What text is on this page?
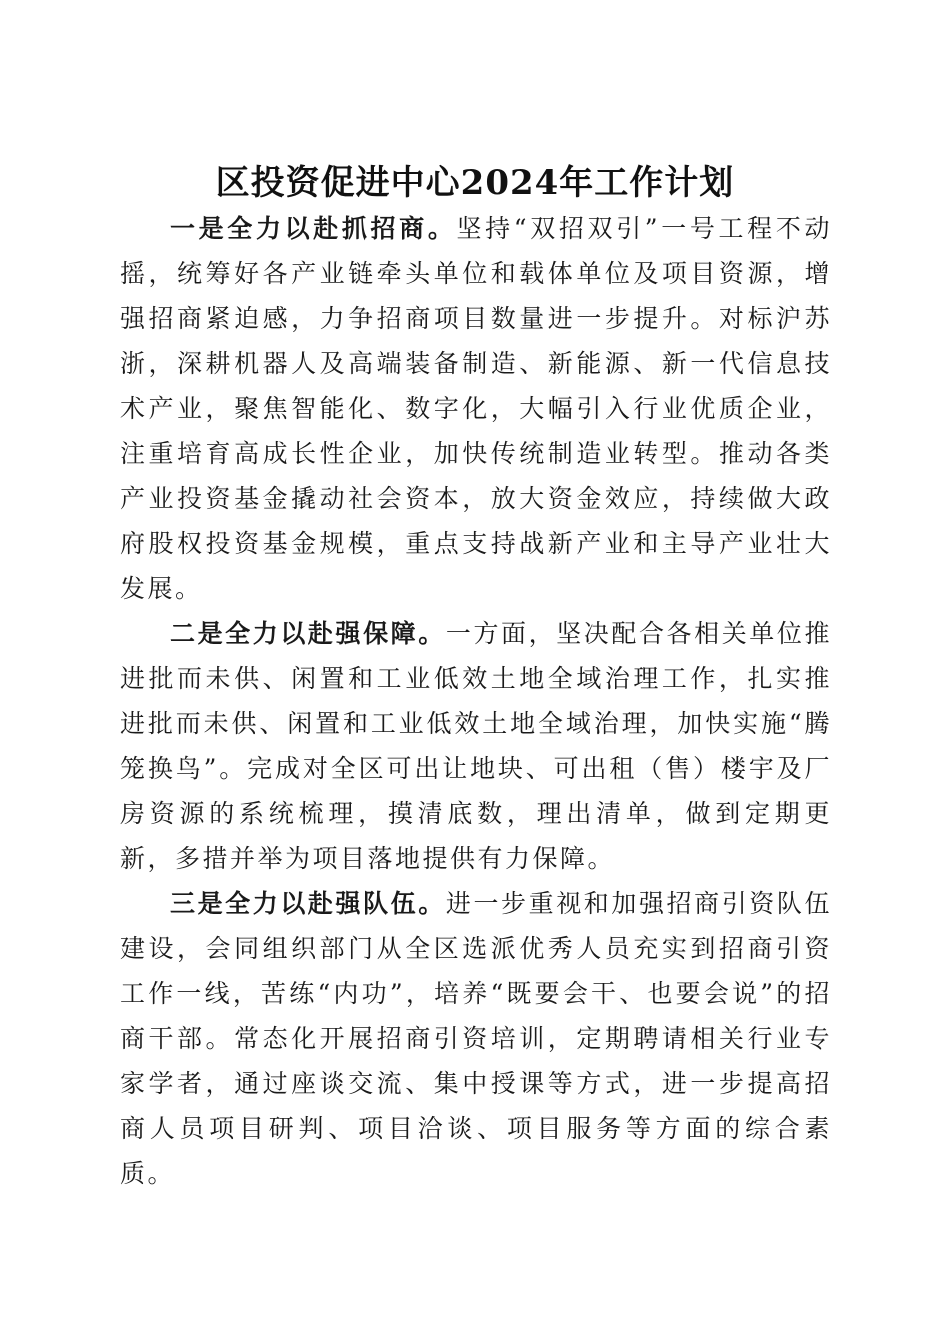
区投资促进中心2024年工作计划

一是全力以赴抓招商。坚持“双招双引”一号工程不动摇，统筹好各产业链牵头单位和载体单位及项目资源，增强招商紧迫感，力争招商项目数量进一步提升。对标沪苏浙，深耕机器人及高端装备制造、新能源、新一代信息技术产业，聚焦智能化、数字化，大幅引入行业优质企业，注重培育高成长性企业，加快传统制造业转型。推动各类产业投资基金撬动社会资本，放大资金效应，持续做大政府股权投资基金规模，重点支持战新产业和主导产业壮大发展。

二是全力以赴强保障。一方面，坚决配合各相关单位推进批而未供、闲置和工业低效土地全域治理工作，扎实推进批而未供、闲置和工业低效土地全域治理，加快实施“腾笼换鸟”。完成对全区可出让地块、可出租（售）楼宇及厂房资源的系统梳理，摸清底数，理出清单，做到定期更新，多措并举为项目落地提供有力保障。

三是全力以赴强队伍。进一步重视和加强招商引资队伍建设，会同组织部门从全区选派优秀人员充实到招商引资工作一线，苦练“内功”，培养“既要会干、也要会说”的招商干部。常态化开展招商引资培训，定期聘请相关行业专家学者，通过座谈交流、集中授课等方式，进一步提高招商人员项目研判、项目洽谈、项目服务等方面的综合素质。
